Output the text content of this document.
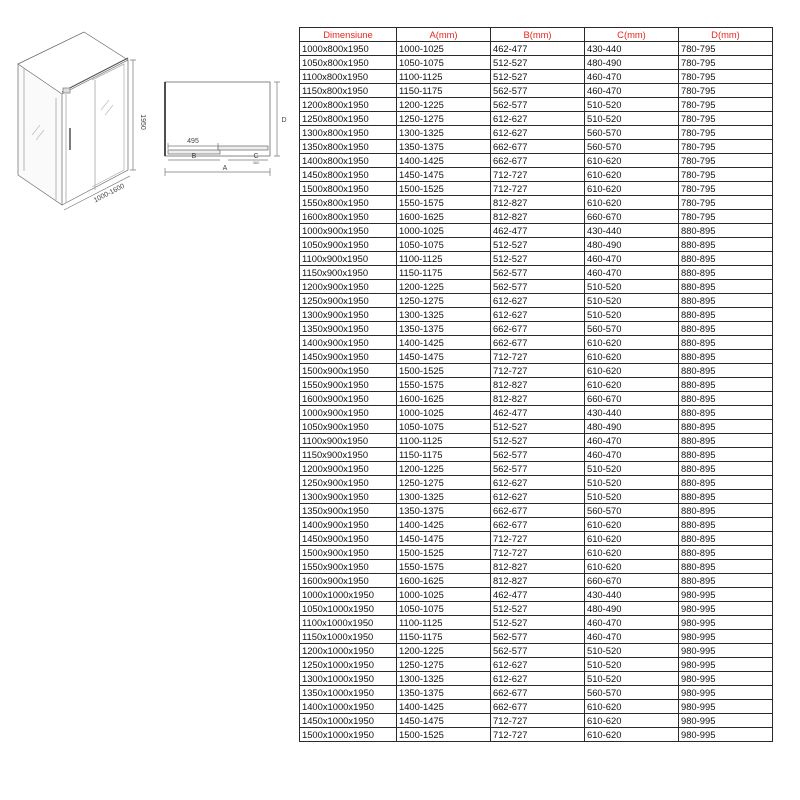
1950
1000-1600
495
B	C
360
A
D
Dimensiune	A(mm)	B(mm)	C(mm)	D(mm)
1000x800x1950	1000-1025	462-477	430-440	780-795
1050x800x1950	1050-1075	512-527	480-490	780-795
1100x800x1950	1100-1125	512-527	460-470	780-795
1150x800x1950	1150-1175	562-577	460-470	780-795
1200x800x1950	1200-1225	562-577	510-520	780-795
1250x800x1950	1250-1275	612-627	510-520	780-795
1300x800x1950	1300-1325	612-627	560-570	780-795
1350x800x1950	1350-1375	662-677	560-570	780-795
1400x800x1950	1400-1425	662-677	610-620	780-795
1450x800x1950	1450-1475	712-727	610-620	780-795
1500x800x1950	1500-1525	712-727	610-620	780-795
1550x800x1950	1550-1575	812-827	610-620	780-795
1600x800x1950	1600-1625	812-827	660-670	780-795
1000x900x1950	1000-1025	462-477	430-440	880-895
1050x900x1950	1050-1075	512-527	480-490	880-895
1100x900x1950	1100-1125	512-527	460-470	880-895
1150x900x1950	1150-1175	562-577	460-470	880-895
1200x900x1950	1200-1225	562-577	510-520	880-895
1250x900x1950	1250-1275	612-627	510-520	880-895
1300x900x1950	1300-1325	612-627	510-520	880-895
1350x900x1950	1350-1375	662-677	560-570	880-895
1400x900x1950	1400-1425	662-677	610-620	880-895
1450x900x1950	1450-1475	712-727	610-620	880-895
1500x900x1950	1500-1525	712-727	610-620	880-895
1550x900x1950	1550-1575	812-827	610-620	880-895
1600x900x1950	1600-1625	812-827	660-670	880-895
1000x900x1950	1000-1025	462-477	430-440	880-895
1050x900x1950	1050-1075	512-527	480-490	880-895
1100x900x1950	1100-1125	512-527	460-470	880-895
1150x900x1950	1150-1175	562-577	460-470	880-895
1200x900x1950	1200-1225	562-577	510-520	880-895
1250x900x1950	1250-1275	612-627	510-520	880-895
1300x900x1950	1300-1325	612-627	510-520	880-895
1350x900x1950	1350-1375	662-677	560-570	880-895
1400x900x1950	1400-1425	662-677	610-620	880-895
1450x900x1950	1450-1475	712-727	610-620	880-895
1500x900x1950	1500-1525	712-727	610-620	880-895
1550x900x1950	1550-1575	812-827	610-620	880-895
1600x900x1950	1600-1625	812-827	660-670	880-895
1000x1000x1950	1000-1025	462-477	430-440	980-995
1050x1000x1950	1050-1075	512-527	480-490	980-995
1100x1000x1950	1100-1125	512-527	460-470	980-995
1150x1000x1950	1150-1175	562-577	460-470	980-995
1200x1000x1950	1200-1225	562-577	510-520	980-995
1250x1000x1950	1250-1275	612-627	510-520	980-995
1300x1000x1950	1300-1325	612-627	510-520	980-995
1350x1000x1950	1350-1375	662-677	560-570	980-995
1400x1000x1950	1400-1425	662-677	610-620	980-995
1450x1000x1950	1450-1475	712-727	610-620	980-995
1500x1000x1950	1500-1525	712-727	610-620	980-995
